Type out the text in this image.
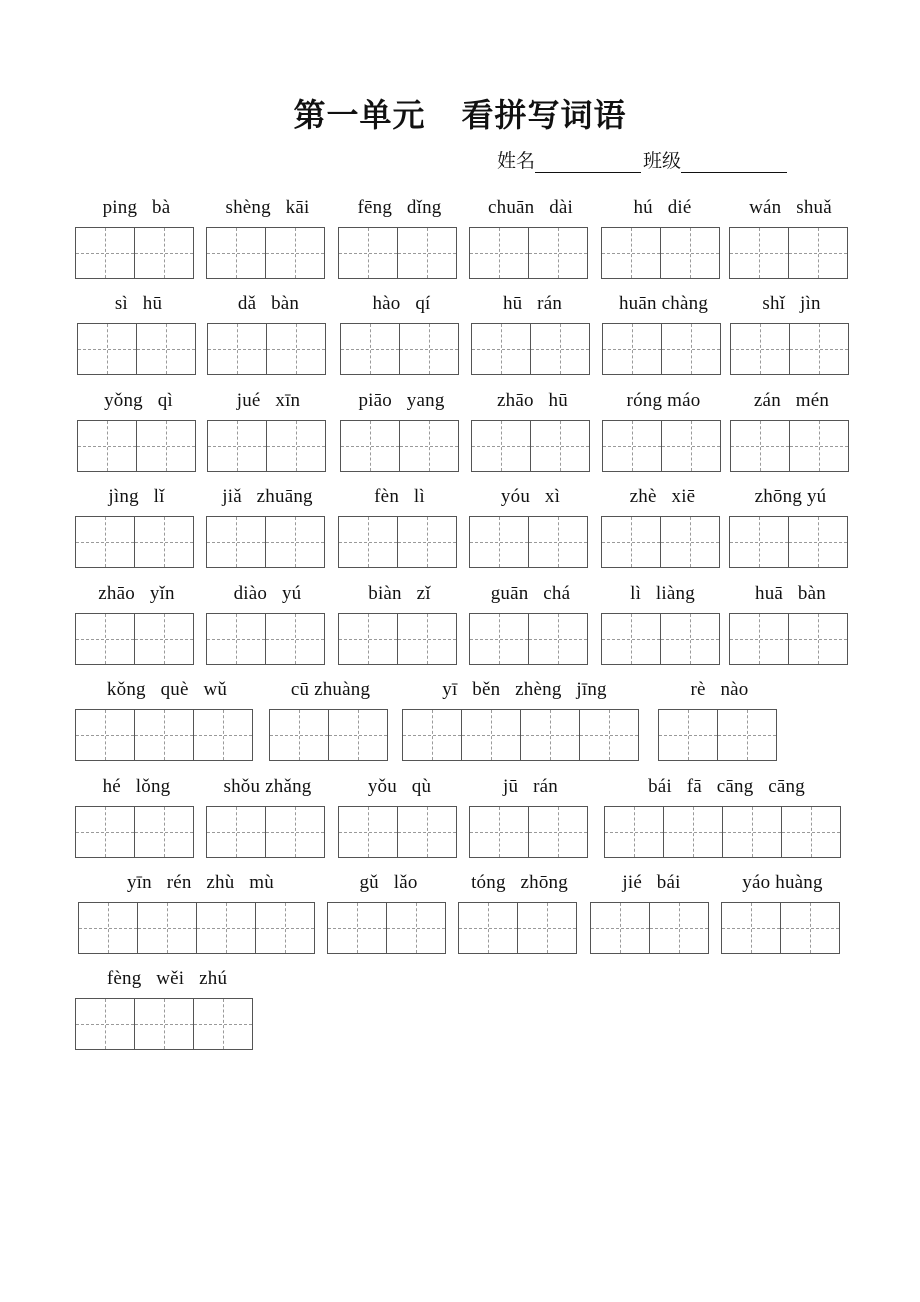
第一单元 看拼写词语
姓名	班级
ping   bà	shèng   kāi	fēng   dǐng	chuān   dài	hú   dié	wán   shuǎ
sì   hū	dǎ   bàn	hào   qí	hū   rán	huān chàng	shǐ   jìn
yǒng   qì	jué   xīn	piāo   yang	zhāo   hū	róng máo	zán   mén
jìng   lǐ	jiǎ   zhuāng	fèn   lì	yóu   xì	zhè   xiē	zhōng yú
zhāo   yǐn	diào   yú	biàn   zǐ	guān   chá	lì   liàng	huā   bàn
kǒng   què   wǔ	cū zhuàng	yī   běn   zhèng   jīng	rè   nào
hé   lǒng	shǒu zhǎng	yǒu   qù	jū   rán	bái   fā   cāng   cāng
yīn   rén   zhù   mù	gǔ   lǎo	tóng   zhōng	jié   bái	yáo huàng
fèng   wěi   zhú
